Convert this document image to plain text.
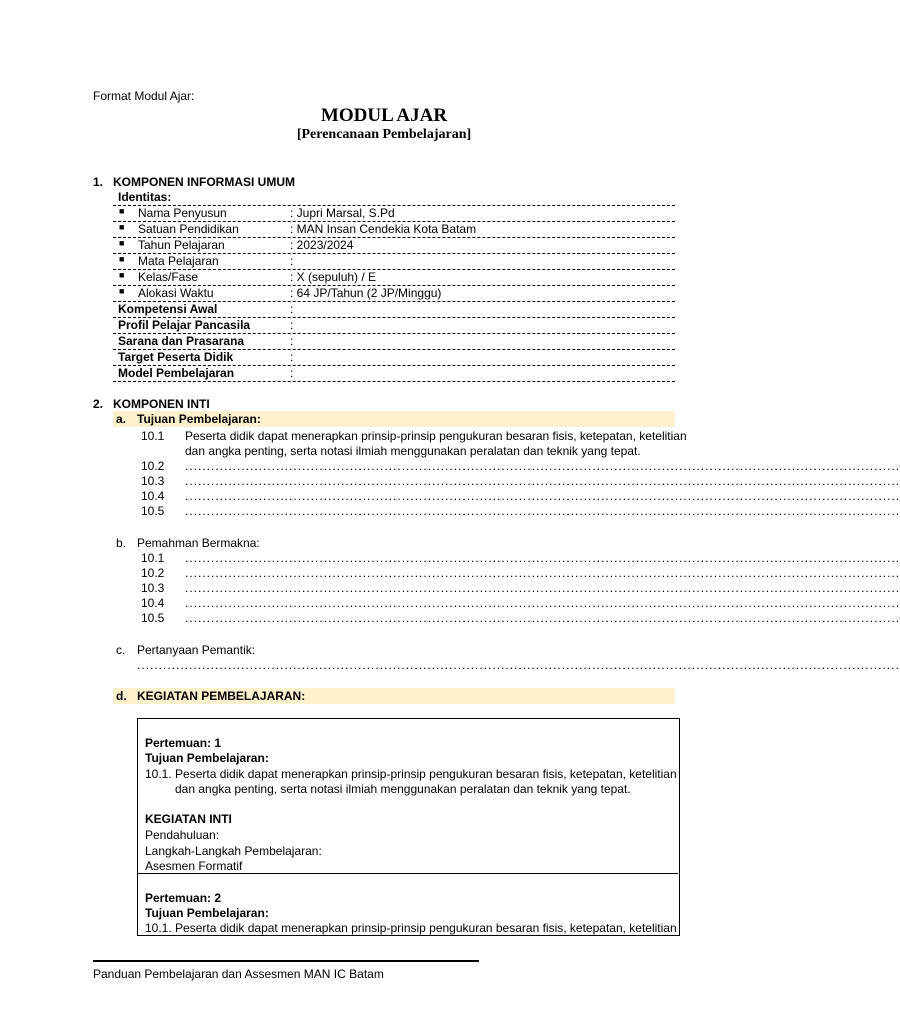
Format Modul Ajar:
MODUL AJAR
[Perencanaan Pembelajaran]
1. KOMPONEN INFORMASI UMUM
Identitas:
■ Nama Penyusun	: Jupri Marsal, S.Pd
■ Satuan Pendidikan	: MAN Insan Cendekia Kota Batam
■ Tahun Pelajaran	: 2023/2024
■ Mata Pelajaran	:
■ Kelas/Fase	: X (sepuluh) / E
■ Alokasi Waktu	: 64 JP/Tahun (2 JP/Minggu)
Kompetensi Awal	:
Profil Pelajar Pancasila	:
Sarana dan Prasarana	:
Target Peserta Didik	:
Model Pembelajaran	:
2. KOMPONEN INTI
a. Tujuan Pembelajaran:
10.1 Peserta didik dapat menerapkan prinsip-prinsip pengukuran besaran fisis, ketepatan, ketelitian
dan angka penting, serta notasi ilmiah menggunakan peralatan dan teknik yang tepat.
10.2 .....................................................................................................................................................................
10.3 .....................................................................................................................................................................
10.4 .....................................................................................................................................................................
10.5 .....................................................................................................................................................................
b. Pemahman Bermakna:
10.1 .....................................................................................................................................................................
10.2 .....................................................................................................................................................................
10.3 .....................................................................................................................................................................
10.4 .....................................................................................................................................................................
10.5 .....................................................................................................................................................................
c. Pertanyaan Pemantik:
................................................................................................................................................................................
d. KEGIATAN PEMBELAJARAN:
Pertemuan: 1
Tujuan Pembelajaran:
10.1. Peserta didik dapat menerapkan prinsip-prinsip pengukuran besaran fisis, ketepatan, ketelitian
dan angka penting, serta notasi ilmiah menggunakan peralatan dan teknik yang tepat.
KEGIATAN INTI
Pendahuluan:
Langkah-Langkah Pembelajaran:
Asesmen Formatif
Pertemuan: 2
Tujuan Pembelajaran:
10.1. Peserta didik dapat menerapkan prinsip-prinsip pengukuran besaran fisis, ketepatan, ketelitian
Panduan Pembelajaran dan Assesmen MAN IC Batam
